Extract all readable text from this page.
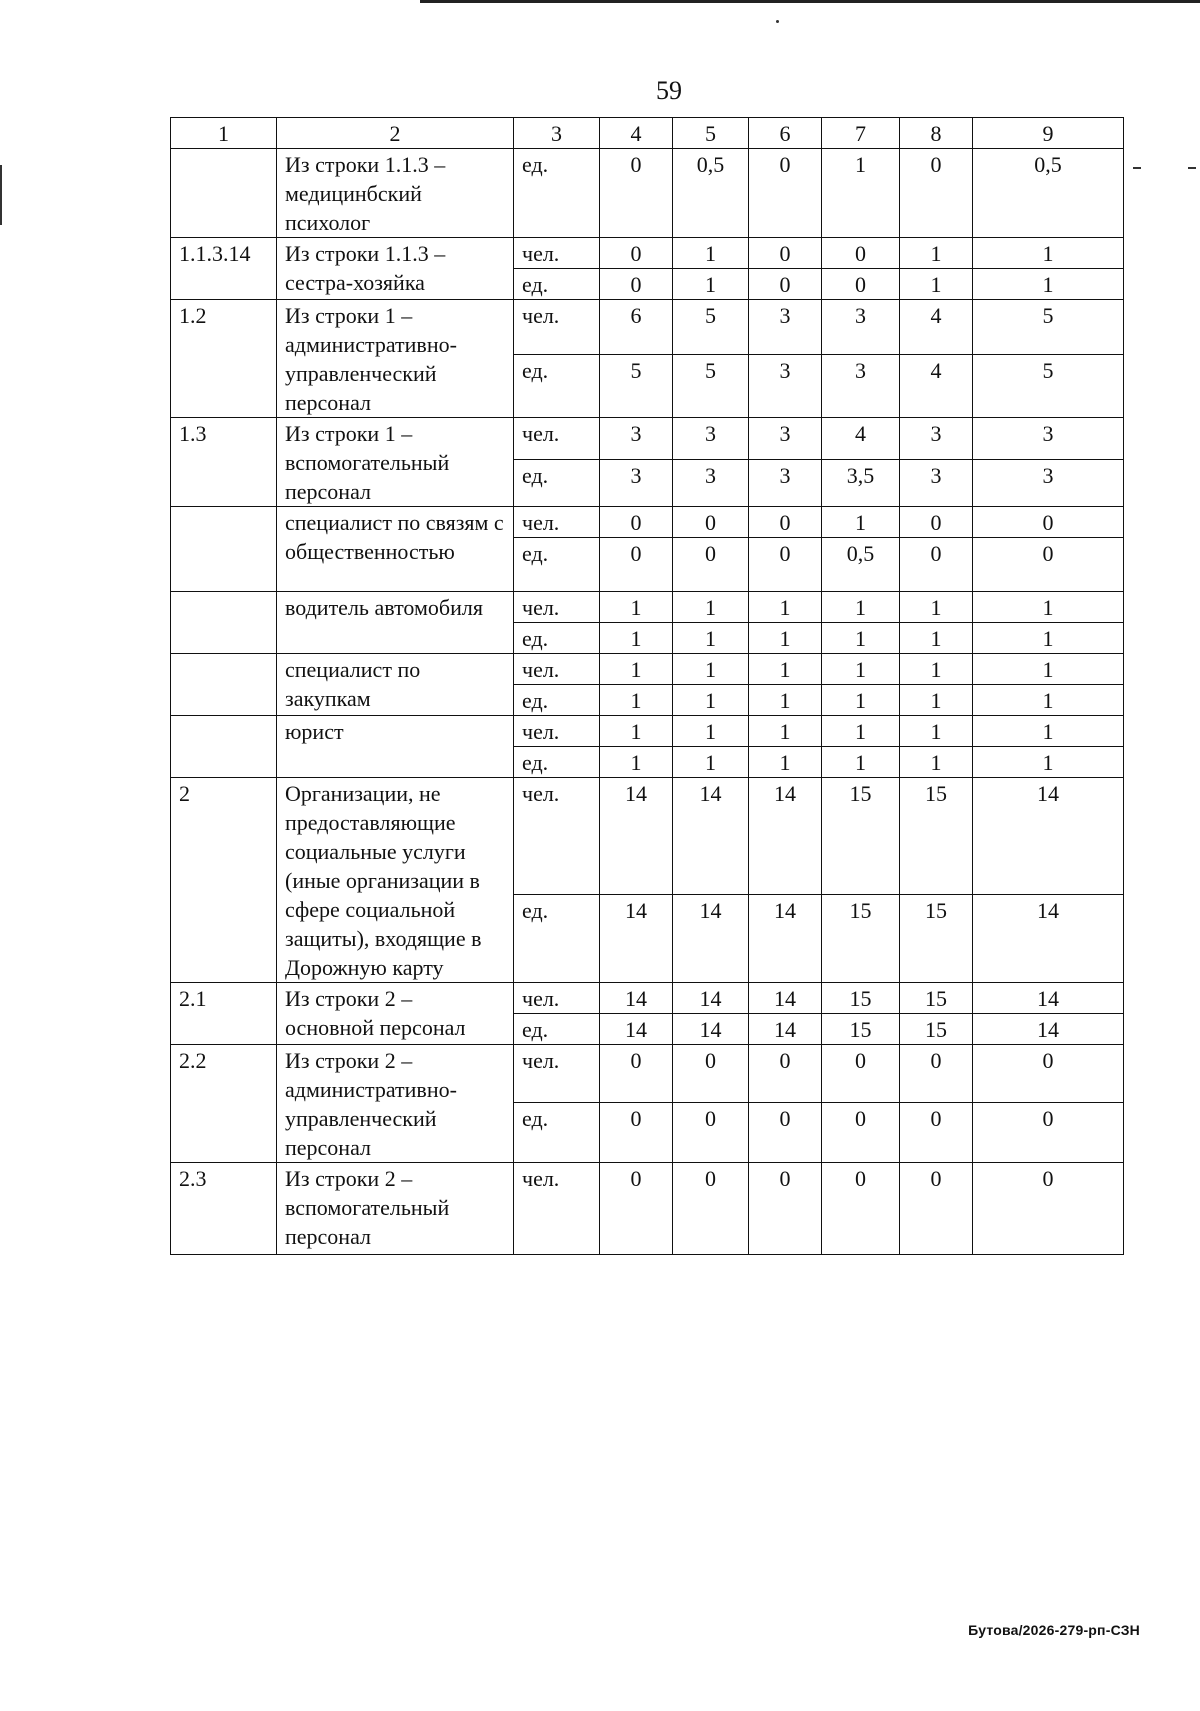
59
1	2	3	4	5	6	7	8	9
	Из строки 1.1.3 – медицинбский психолог	ед.	0	0,5	0	1	0	0,5
1.1.3.14	Из строки 1.1.3 – сестра-хозяйка	чел.	0	1	0	0	1	1
		ед.	0	1	0	0	1	1
1.2	Из строки 1 – административно-управленческий персонал	чел.	6	5	3	3	4	5
		ед.	5	5	3	3	4	5
1.3	Из строки 1 – вспомогательный персонал	чел.	3	3	3	4	3	3
		ед.	3	3	3	3,5	3	3
	специалист по связям с общественностью	чел.	0	0	0	1	0	0
		ед.	0	0	0	0,5	0	0
	водитель автомобиля	чел.	1	1	1	1	1	1
		ед.	1	1	1	1	1	1
	специалист по закупкам	чел.	1	1	1	1	1	1
		ед.	1	1	1	1	1	1
	юрист	чел.	1	1	1	1	1	1
		ед.	1	1	1	1	1	1
2	Организации, не предоставляющие социальные услуги (иные организации в сфере социальной защиты), входящие в Дорожную карту	чел.	14	14	14	15	15	14
		ед.	14	14	14	15	15	14
2.1	Из строки 2 – основной персонал	чел.	14	14	14	15	15	14
		ед.	14	14	14	15	15	14
2.2	Из строки 2 – административно-управленческий персонал	чел.	0	0	0	0	0	0
		ед.	0	0	0	0	0	0
2.3	Из строки 2 – вспомогательный персонал	чел.	0	0	0	0	0	0
Бутова/2026-279-рп-СЗН
